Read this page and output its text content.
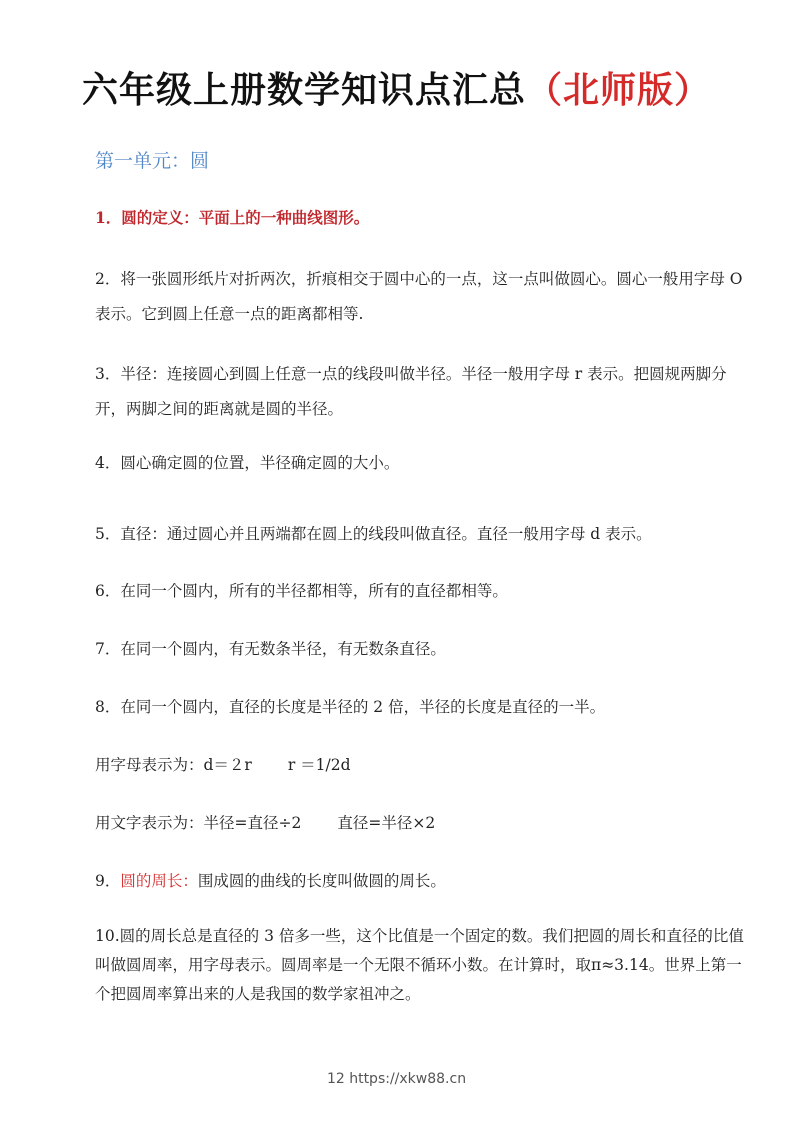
六年级上册数学知识点汇总（北师版）
第一单元：圆
1．圆的定义：平面上的一种曲线图形。
2．将一张圆形纸片对折两次，折痕相交于圆中心的一点，这一点叫做圆心。圆心一般用字母 O 表示。它到圆上任意一点的距离都相等.
3．半径：连接圆心到圆上任意一点的线段叫做半径。半径一般用字母 r 表示。把圆规两脚分开，两脚之间的距离就是圆的半径。
4．圆心确定圆的位置，半径确定圆的大小。
5．直径：通过圆心并且两端都在圆上的线段叫做直径。直径一般用字母 d 表示。
6．在同一个圆内，所有的半径都相等，所有的直径都相等。
7．在同一个圆内，有无数条半径，有无数条直径。
8．在同一个圆内，直径的长度是半径的 2 倍，半径的长度是直径的一半。
用字母表示为：d＝２r r ＝1/2d
用文字表示为：半径=直径÷2 直径=半径×2
9．圆的周长：围成圆的曲线的长度叫做圆的周长。
10.圆的周长总是直径的 3 倍多一些，这个比值是一个固定的数。我们把圆的周长和直径的比值叫做圆周率，用字母表示。圆周率是一个无限不循环小数。在计算时，取π≈3.14。世界上第一个把圆周率算出来的人是我国的数学家祖冲之。
12 https://xkw88.cn
